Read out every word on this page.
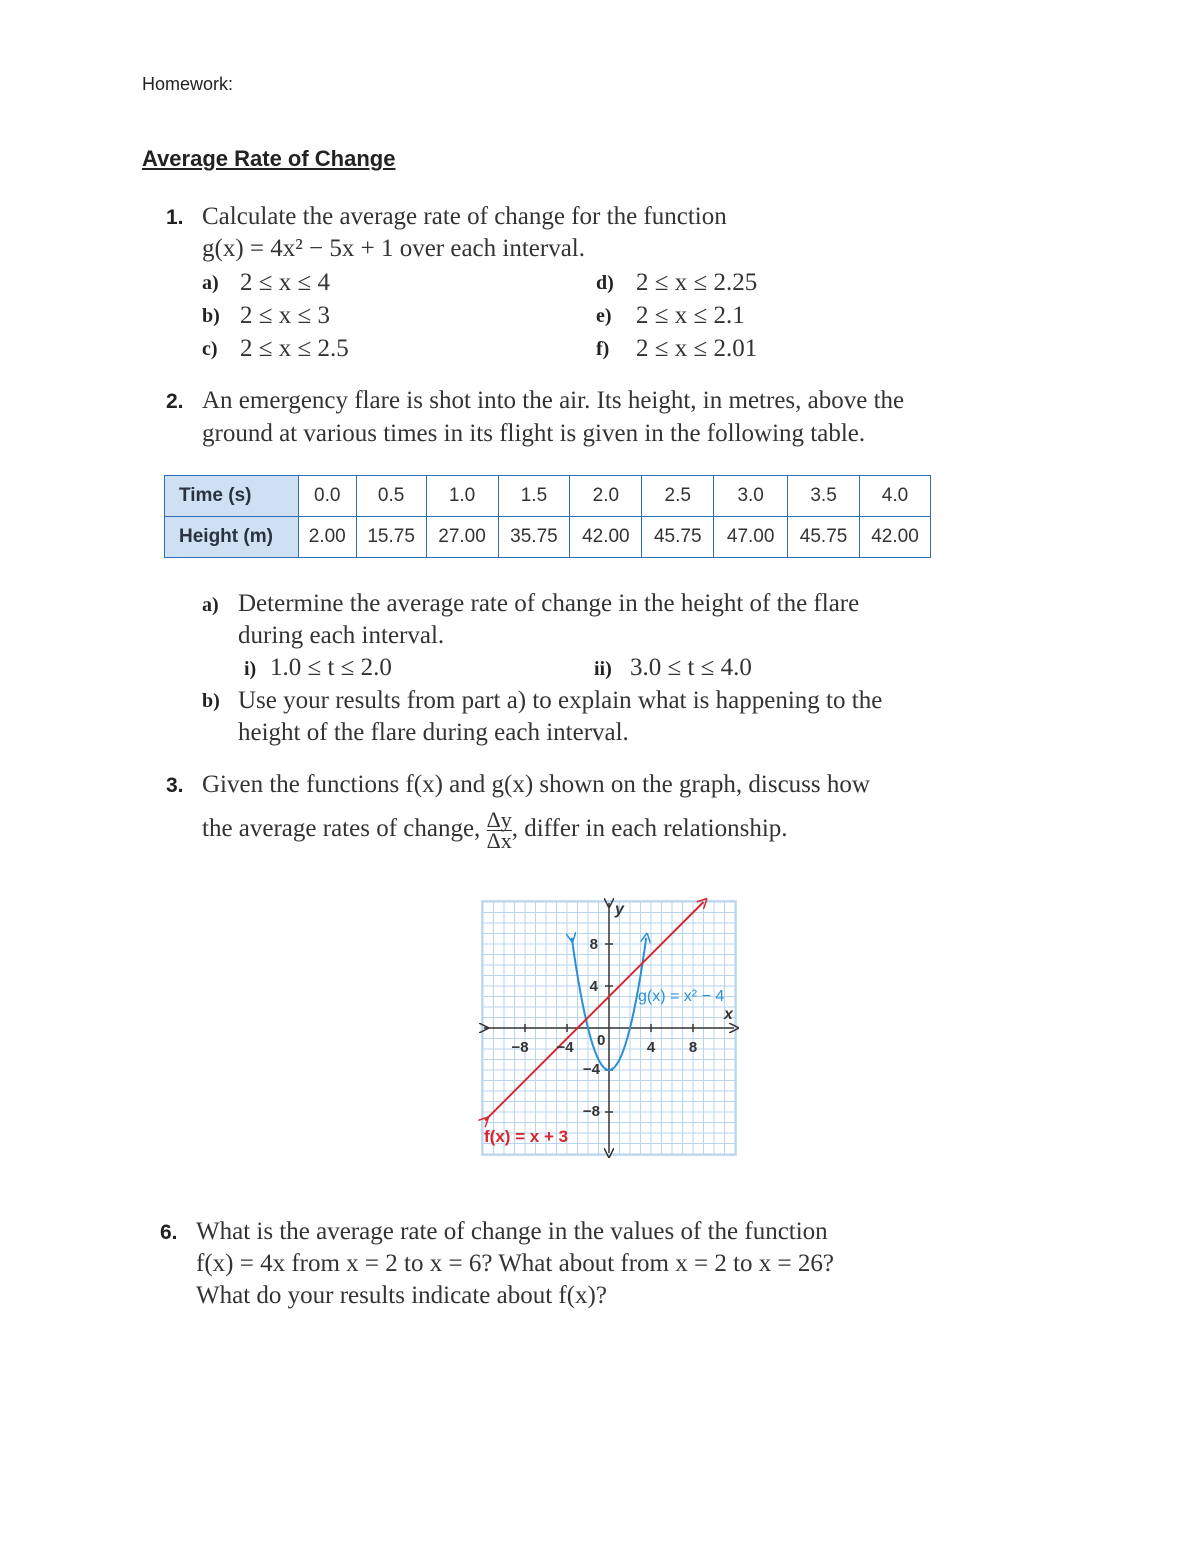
Homework:
Average Rate of Change
1. Calculate the average rate of change for the function
g(x) = 4x² − 5x + 1 over each interval.
a) 2 ≤ x ≤ 4
b) 2 ≤ x ≤ 3
c) 2 ≤ x ≤ 2.5
d) 2 ≤ x ≤ 2.25
e) 2 ≤ x ≤ 2.1
f) 2 ≤ x ≤ 2.01
2. An emergency flare is shot into the air. Its height, in metres, above the
ground at various times in its flight is given in the following table.
Time (s)	0.0	0.5	1.0	1.5	2.0	2.5	3.0	3.5	4.0
Height (m)	2.00	15.75	27.00	35.75	42.00	45.75	47.00	45.75	42.00
a) Determine the average rate of change in the height of the flare
during each interval.
i) 1.0 ≤ t ≤ 2.0	ii) 3.0 ≤ t ≤ 4.0
b) Use your results from part a) to explain what is happening to the
height of the flare during each interval.
3. Given the functions f(x) and g(x) shown on the graph, discuss how
the average rates of change, $\frac{\Delta y}{\Delta x}$ , differ in each relationship.
y
x
−8 −4	4 8
8
4
−4
−8
0
g(x) = x² − 4
f(x) = x + 3
6. What is the average rate of change in the values of the function
f(x) = 4x from x = 2 to x = 6? What about from x = 2 to x = 26?
What do your results indicate about f(x)?
